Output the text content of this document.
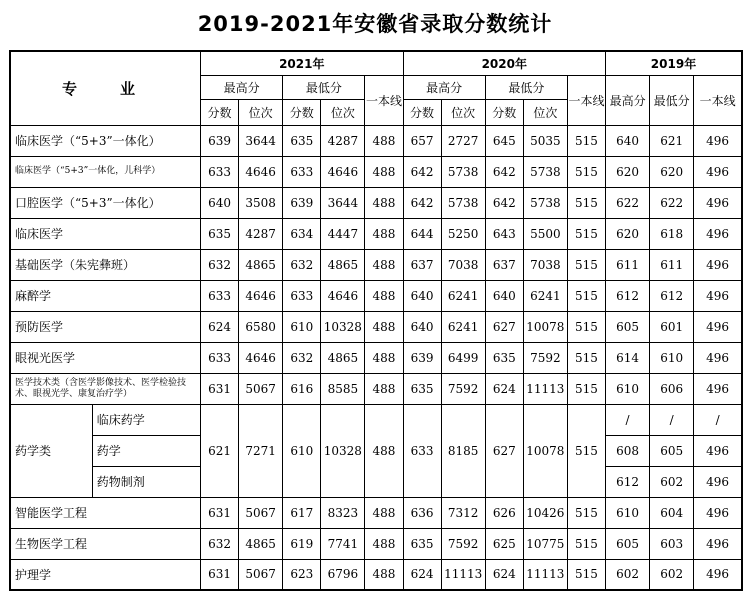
2019-2021年安徽省录取分数统计
专　业		2021年					2020年					2019年		
		最高分		最低分		一本线	最高分		最低分		一本线	最高分	最低分	一本线
		分数	位次	分数	位次		分数	位次	分数	位次				
临床医学（“5+3”一体化）		639	3644	635	4287	488	657	2727	645	5035	515	640	621	496
临床医学（“5+3”一体化，儿科学）		633	4646	633	4646	488	642	5738	642	5738	515	620	620	496
口腔医学（“5+3”一体化）		640	3508	639	3644	488	642	5738	642	5738	515	622	622	496
临床医学		635	4287	634	4447	488	644	5250	643	5500	515	620	618	496
基础医学（朱宪彝班）		632	4865	632	4865	488	637	7038	637	7038	515	611	611	496
麻醉学		633	4646	633	4646	488	640	6241	640	6241	515	612	612	496
预防医学		624	6580	610	10328	488	640	6241	627	10078	515	605	601	496
眼视光医学		633	4646	632	4865	488	639	6499	635	7592	515	614	610	496
医学技术类（含医学影像技术、医学检验技术、眼视光学、康复治疗学）		631	5067	616	8585	488	635	7592	624	11113	515	610	606	496
药学类	临床药学	621	7271	610	10328	488	633	8185	627	10078	515	/	/	/
	药学											608	605	496
	药物制剂											612	602	496
智能医学工程		631	5067	617	8323	488	636	7312	626	10426	515	610	604	496
生物医学工程		632	4865	619	7741	488	635	7592	625	10775	515	605	603	496
护理学		631	5067	623	6796	488	624	11113	624	11113	515	602	602	496
